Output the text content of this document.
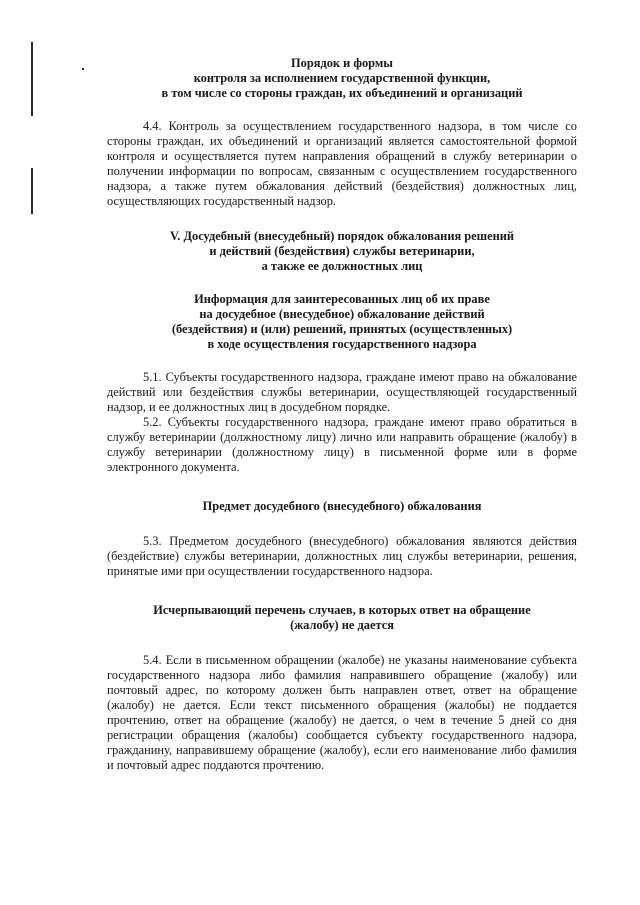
Порядок и формы
контроля за исполнением государственной функции,
в том числе со стороны граждан, их объединений и организаций

4.4. Контроль за осуществлением государственного надзора, в том числе со стороны граждан, их объединений и организаций является самостоятельной формой контроля и осуществляется путем направления обращений в службу ветеринарии о получении информации по вопросам, связанным с осуществлением государственного надзора, а также путем обжалования действий (бездействия) должностных лиц, осуществляющих государственный надзор.

V. Досудебный (внесудебный) порядок обжалования решений
и действий (бездействия) службы ветеринарии,
а также ее должностных лиц
Информация для заинтересованных лиц об их праве
на досудебное (внесудебное) обжалование действий
(бездействия) и (или) решений, принятых (осуществленных)
в ходе осуществления государственного надзора

5.1. Субъекты государственного надзора, граждане имеют право на обжалование действий или бездействия службы ветеринарии, осуществляющей государственный надзор, и ее должностных лиц в досудебном порядке.

5.2. Субъекты государственного надзора, граждане имеют право обратиться в службу ветеринарии (должностному лицу) лично или направить обращение (жалобу) в службу ветеринарии (должностному лицу) в письменной форме или в форме электронного документа.

Предмет досудебного (внесудебного) обжалования

5.3. Предметом досудебного (внесудебного) обжалования являются действия (бездействие) службы ветеринарии, должностных лиц службы ветеринарии, решения, принятые ими при осуществлении государственного надзора.

Исчерпывающий перечень случаев, в которых ответ на обращение
(жалобу) не дается

5.4. Если в письменном обращении (жалобе) не указаны наименование субъекта государственного надзора либо фамилия направившего обращение (жалобу) или почтовый адрес, по которому должен быть направлен ответ, ответ на обращение (жалобу) не дается. Если текст письменного обращения (жалобы) не поддается прочтению, ответ на обращение (жалобу) не дается, о чем в течение 5 дней со дня регистрации обращения (жалобы) сообщается субъекту государственного надзора, гражданину, направившему обращение (жалобу), если его наименование либо фамилия и почтовый адрес поддаются прочтению.
